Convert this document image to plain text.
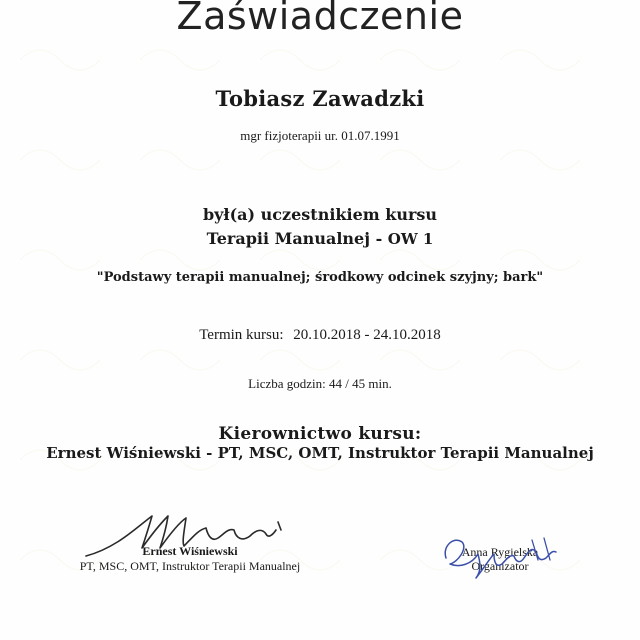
Zaświadczenie
Tobiasz Zawadzki
mgr fizjoterapii ur. 01.07.1991
był(a) uczestnikiem kursu
Terapii Manualnej - OW 1
"Podstawy terapii manualnej; środkowy odcinek szyjny; bark"
Termin kursu: 20.10.2018 - 24.10.2018
Liczba godzin: 44 / 45 min.
Kierownictwo kursu:
Ernest Wiśniewski - PT, MSC, OMT, Instruktor Terapii Manualnej
Ernest Wiśniewski
PT, MSC, OMT, Instruktor Terapii Manualnej
Anna Rygielska
Organizator
